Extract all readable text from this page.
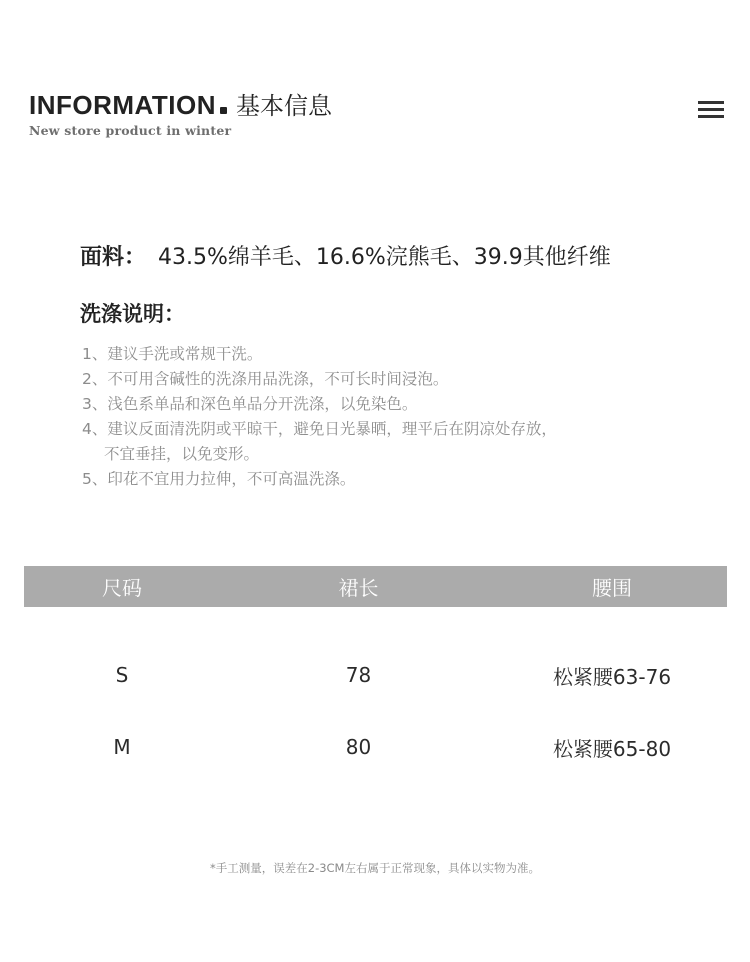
INFORMATION 基本信息
New store product in winter
面料： 43.5%绵羊毛、16.6%浣熊毛、39.9其他纤维
洗涤说明：
1、建议手洗或常规干洗。
2、不可用含碱性的洗涤用品洗涤，不可长时间浸泡。
3、浅色系单品和深色单品分开洗涤，以免染色。
4、建议反面清洗阴或平晾干，避免日光暴晒，理平后在阴凉处存放，
不宜垂挂，以免变形。
5、印花不宜用力拉伸，不可高温洗涤。
尺码	裙长	腰围
S	78	松紧腰63-76
M	80	松紧腰65-80
*手工测量，误差在2-3CM左右属于正常现象，具体以实物为准。
